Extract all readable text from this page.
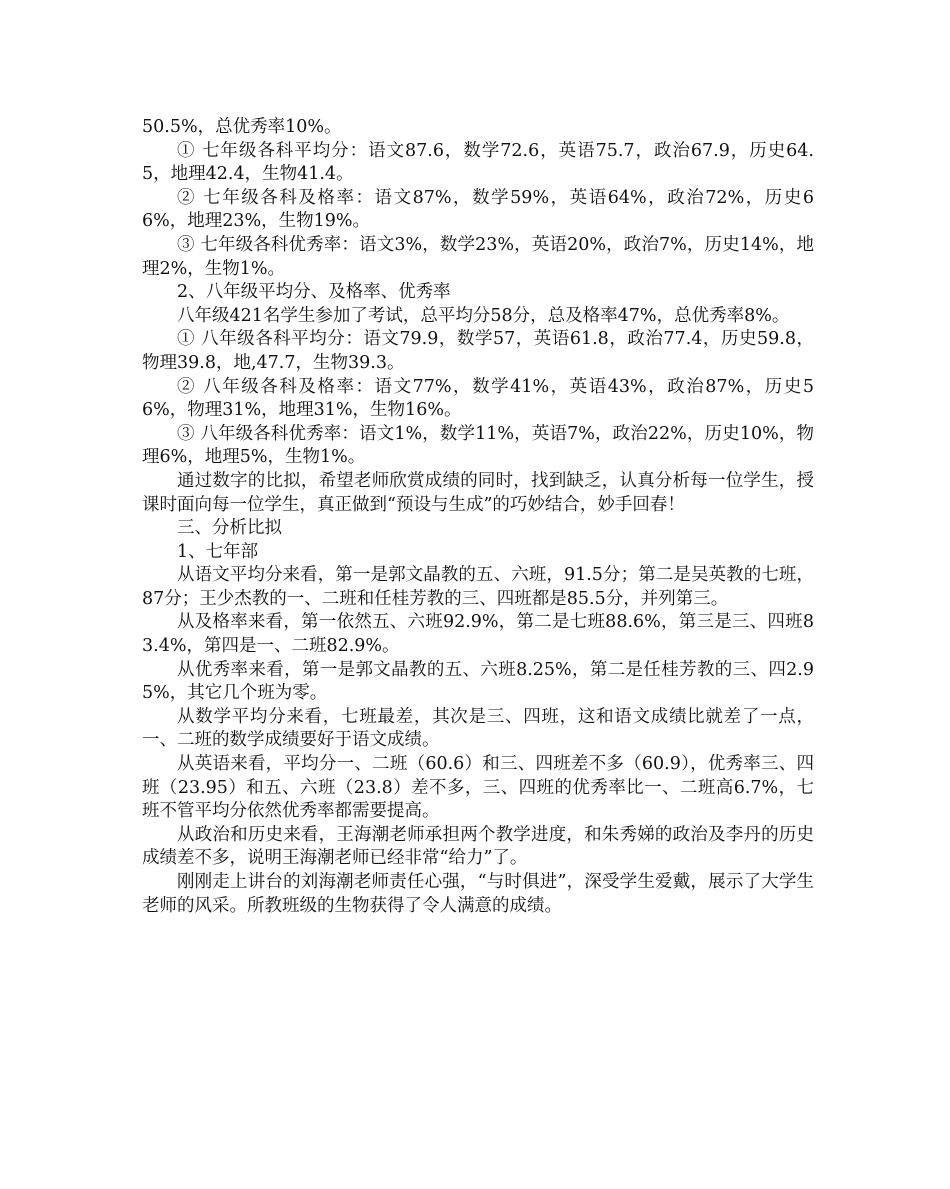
50.5%，总优秀率10%。

① 七年级各科平均分：语文87.6，数学72.6，英语75.7，政治67.9，历史64.5，地理42.4，生物41.4。

② 七年级各科及格率：语文87%，数学59%，英语64%，政治72%，历史66%，地理23%，生物19%。

③ 七年级各科优秀率：语文3%，数学23%，英语20%，政治7%，历史14%，地理2%，生物1%。

2、八年级平均分、及格率、优秀率

八年级421名学生参加了考试，总平均分58分，总及格率47%，总优秀率8%。

① 八年级各科平均分：语文79.9，数学57，英语61.8，政治77.4，历史59.8，物理39.8，地,47.7，生物39.3。

② 八年级各科及格率：语文77%，数学41%，英语43%，政治87%，历史56%，物理31%，地理31%，生物16%。

③ 八年级各科优秀率：语文1%，数学11%，英语7%，政治22%，历史10%，物理6%，地理5%，生物1%。

通过数字的比拟，希望老师欣赏成绩的同时，找到缺乏，认真分析每一位学生，授课时面向每一位学生，真正做到“预设与生成”的巧妙结合，妙手回春！

三、分析比拟

1、七年部

从语文平均分来看，第一是郭文晶教的五、六班，91.5分；第二是吴英教的七班，87分；王少杰教的一、二班和任桂芳教的三、四班都是85.5分，并列第三。

从及格率来看，第一依然五、六班92.9%，第二是七班88.6%，第三是三、四班83.4%，第四是一、二班82.9%。

从优秀率来看，第一是郭文晶教的五、六班8.25%，第二是任桂芳教的三、四2.95%，其它几个班为零。

从数学平均分来看，七班最差，其次是三、四班，这和语文成绩比就差了一点，一、二班的数学成绩要好于语文成绩。

从英语来看，平均分一、二班（60.6）和三、四班差不多（60.9），优秀率三、四班（23.95）和五、六班（23.8）差不多，三、四班的优秀率比一、二班高6.7%，七班不管平均分依然优秀率都需要提高。

从政治和历史来看，王海潮老师承担两个教学进度，和朱秀娣的政治及李丹的历史成绩差不多，说明王海潮老师已经非常“给力”了。

刚刚走上讲台的刘海潮老师责任心强，“与时俱进”，深受学生爱戴，展示了大学生老师的风采。所教班级的生物获得了令人满意的成绩。
